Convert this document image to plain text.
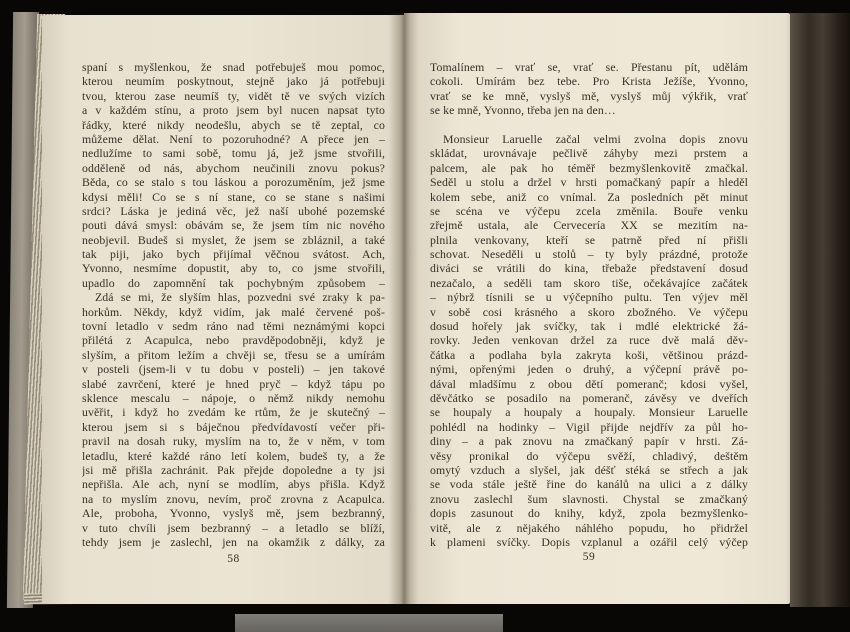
spaní s myšlenkou, že snad potřebuješ mou pomoc,
kterou neumím poskytnout, stejně jako já potřebuji
tvou, kterou zase neumíš ty, vidět tě ve svých vizích
a v každém stínu, a proto jsem byl nucen napsat tyto
řádky, které nikdy neodešlu, abych se tě zeptal, co
můžeme dělat. Není to pozoruhodné? A přece jen –
nedlužíme to sami sobě, tomu já, jež jsme stvořili,
odděleně od nás, abychom neučinili znovu pokus?
Běda, co se stalo s tou láskou a porozuměním, jež jsme
kdysi měli! Co se s ní stane, co se stane s našimi
srdci? Láska je jediná věc, jež naší ubohé pozemské
pouti dává smysl: obávám se, že jsem tím nic nového
neobjevil. Budeš si myslet, že jsem se zbláznil, a také
tak piji, jako bych přijímal věčnou svátost. Ach,
Yvonno, nesmíme dopustit, aby to, co jsme stvořili,
upadlo do zapomnění tak pochybným způsobem –
Zdá se mi, že slyším hlas, pozvedni své zraky k pa-
horkům. Někdy, když vidím, jak malé červené poš-
tovní letadlo v sedm ráno nad těmi neznámými kopci
přilétá z Acapulca, nebo pravděpodobněji, když je
slyším, a přitom ležím a chvěji se, třesu se a umírám
v posteli (jsem-li v tu dobu v posteli) – jen takové
slabé zavrčení, které je hned pryč – když tápu po
sklence mescalu – nápoje, o němž nikdy nemohu
uvěřit, i když ho zvedám ke rtům, že je skutečný –
kterou jsem si s báječnou předvídavostí večer při-
pravil na dosah ruky, myslím na to, že v něm, v tom
letadlu, které každé ráno letí kolem, budeš ty, a že
jsi mě přišla zachránit. Pak přejde dopoledne a ty jsi
nepřišla. Ale ach, nyní se modlím, abys přišla. Když
na to myslím znovu, nevím, proč zrovna z Acapulca.
Ale, proboha, Yvonno, vyslyš mě, jsem bezbranný,
v tuto chvíli jsem bezbranný – a letadlo se blíží,
tehdy jsem je zaslechl, jen na okamžik z dálky, za
58
Tomalínem – vrať se, vrať se. Přestanu pít, udělám
cokoli. Umírám bez tebe. Pro Krista Ježíše, Yvonno,
vrať se ke mně, vyslyš mě, vyslyš můj výkřik, vrať
se ke mně, Yvonno, třeba jen na den…
Monsieur Laruelle začal velmi zvolna dopis znovu
skládat, urovnávaje pečlivě záhyby mezi prstem a
palcem, ale pak ho téměř bezmyšlenkovitě zmačkal.
Seděl u stolu a držel v hrsti pomačkaný papír a hleděl
kolem sebe, aniž co vnímal. Za posledních pět minut
se scéna ve výčepu zcela změnila. Bouře venku
zřejmě ustala, ale Cervecería XX se mezitím na-
plnila venkovany, kteří se patrně před ní přišli
schovat. Neseděli u stolů – ty byly prázdné, protože
diváci se vrátili do kina, třebaže představení dosud
nezačalo, a seděli tam skoro tiše, očekávajíce začátek
– nýbrž tísnili se u výčepního pultu. Ten výjev měl
v sobě cosi krásného a skoro zbožného. Ve výčepu
dosud hořely jak svíčky, tak i mdlé elektrické žá-
rovky. Jeden venkovan držel za ruce dvě malá děv-
čátka a podlaha byla zakryta koši, většinou prázd-
nými, opřenými jeden o druhý, a výčepní právě po-
dával mladšímu z obou dětí pomeranč; kdosi vyšel,
děvčátko se posadilo na pomeranč, závěsy ve dveřích
se houpaly a houpaly a houpaly. Monsieur Laruelle
pohlédl na hodinky – Vigil přijde nejdřív za půl ho-
diny – a pak znovu na zmačkaný papír v hrsti. Zá-
věsy pronikal do výčepu svěží, chladivý, deštěm
omytý vzduch a slyšel, jak déšť stéká se střech a jak
se voda stále ještě řine do kanálů na ulici a z dálky
znovu zaslechl šum slavnosti. Chystal se zmačkaný
dopis zasunout do knihy, když, zpola bezmyšlenko-
vitě, ale z nějakého náhlého popudu, ho přidržel
k plameni svíčky. Dopis vzplanul a ozářil celý výčep
59
